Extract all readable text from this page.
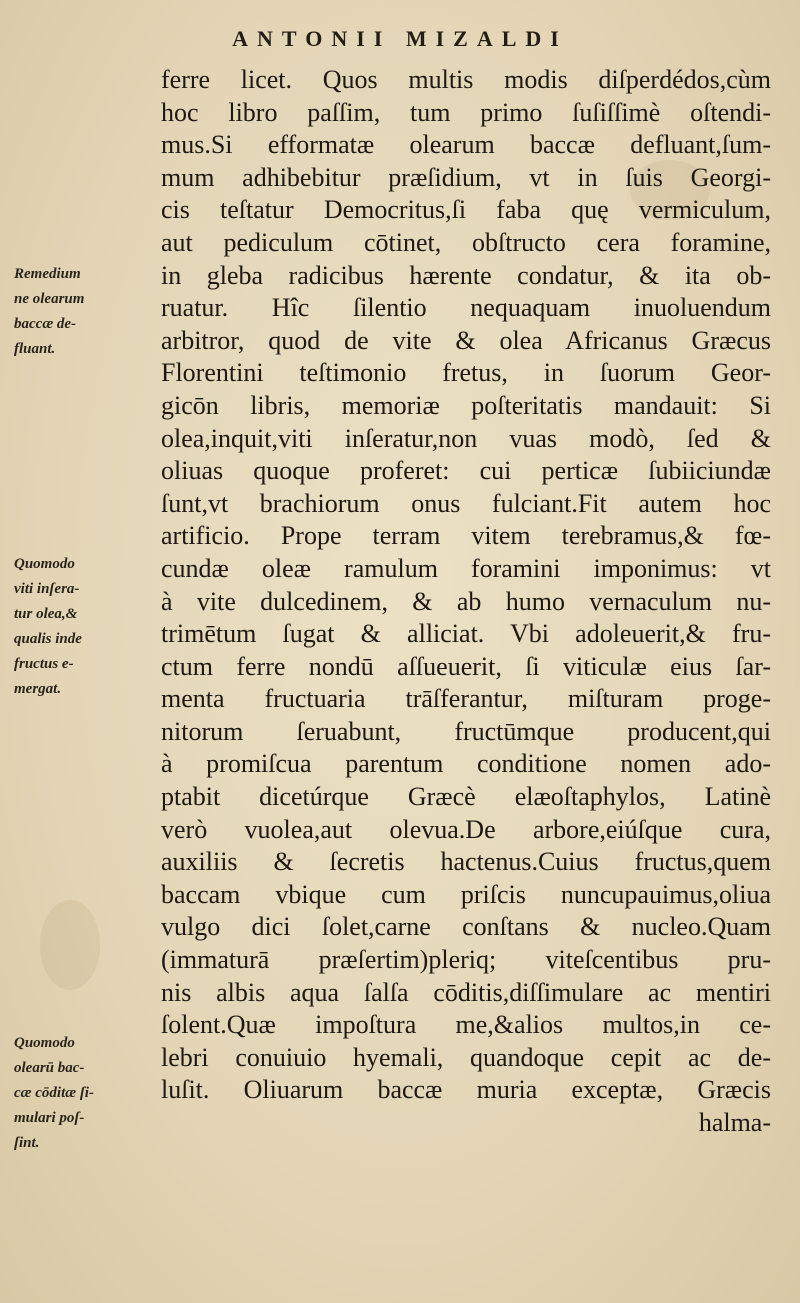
ANTONII MIZALDI
Remedium
ne olearum
baccæ de-
fluant.
Quomodo
viti inſera-
tur olea,&
qualis inde
fructus e-
mergat.
Quomodo
olearū bac-
cæ cōditæ ſi-
mulari poſ-
ſint.
ferre licet. Quos multis modis diſperdédos,cùm
hoc libro paſſim, tum primo ſuſiſſimè oſtendi-
mus.Si efformatæ olearum baccæ defluant,ſum-
mum adhibebitur præſidium, vt in ſuis Georgi-
cis teſtatur Democritus,ſi faba quę vermiculum,
aut pediculum cōtinet, obſtructo cera foramine,
in gleba radicibus hærente condatur, & ita ob-
ruatur. Hîc ſilentio nequaquam inuoluendum
arbitror, quod de vite & olea Africanus Græcus
Florentini teſtimonio fretus, in ſuorum Geor-
gicōn libris, memoriæ poſteritatis mandauit: Si
olea,inquit,viti inſeratur,non vuas modò, ſed &
oliuas quoque proferet: cui perticæ ſubiiciundæ
ſunt,vt brachiorum onus fulciant.Fit autem hoc
artificio. Prope terram vitem terebramus,& fœ-
cundæ oleæ ramulum foramini imponimus: vt
à vite dulcedinem, & ab humo vernaculum nu-
trimētum ſugat & alliciat. Vbi adoleuerit,& fru-
ctum ferre nondū aſſueuerit, ſi viticulæ eius ſar-
menta fructuaria trāſferantur, miſturam proge-
nitorum ſeruabunt, fructūmque producent,qui
à promiſcua parentum conditione nomen ado-
ptabit dicetúrque Græcè elæoſtaphylos, Latinè
verò vuolea,aut olevua.De arbore,eiúſque cura,
auxiliis & ſecretis hactenus.Cuius fructus,quem
baccam vbique cum priſcis nuncupauimus,oliua
vulgo dici ſolet,carne conſtans & nucleo.Quam
(immaturā præſertim)pleriq; viteſcentibus pru-
nis albis aqua ſalſa cōditis,diſſimulare ac mentiri
ſolent.Quæ impoſtura me,&alios multos,in ce-
lebri conuiuio hyemali, quandoque cepit ac de-
luſit. Oliuarum baccæ muria exceptæ, Græcis
halma-
